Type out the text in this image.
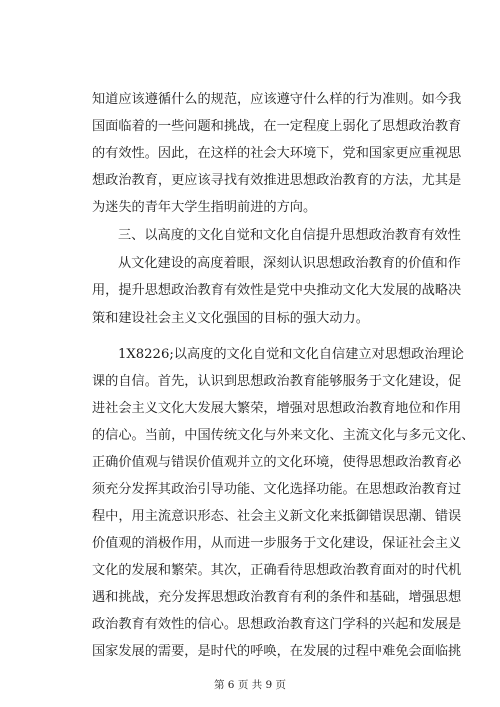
知道应该遵循什么的规范，应该遵守什么样的行为准则。如今我
国面临着的一些问题和挑战，在一定程度上弱化了思想政治教育
的有效性。因此，在这样的社会大环境下，党和国家更应重视思
想政治教育，更应该寻找有效推进思想政治教育的方法，尤其是
为迷失的青年大学生指明前进的方向。
三、以高度的文化自觉和文化自信提升思想政治教育有效性
从文化建设的高度着眼，深刻认识思想政治教育的价值和作
用，提升思想政治教育有效性是党中央推动文化大发展的战略决
策和建设社会主义文化强国的目标的强大动力。
1X8226;以高度的文化自觉和文化自信建立对思想政治理论
课的自信。首先，认识到思想政治教育能够服务于文化建设，促
进社会主义文化大发展大繁荣，增强对思想政治教育地位和作用
的信心。当前，中国传统文化与外来文化、主流文化与多元文化、
正确价值观与错误价值观并立的文化环境，使得思想政治教育必
须充分发挥其政治引导功能、文化选择功能。在思想政治教育过
程中，用主流意识形态、社会主义新文化来抵御错误思潮、错误
价值观的消极作用，从而进一步服务于文化建设，保证社会主义
文化的发展和繁荣。其次，正确看待思想政治教育面对的时代机
遇和挑战，充分发挥思想政治教育有利的条件和基础，增强思想
政治教育有效性的信心。思想政治教育这门学科的兴起和发展是
国家发展的需要，是时代的呼唤，在发展的过程中难免会面临挑
第 6 页 共 9 页
